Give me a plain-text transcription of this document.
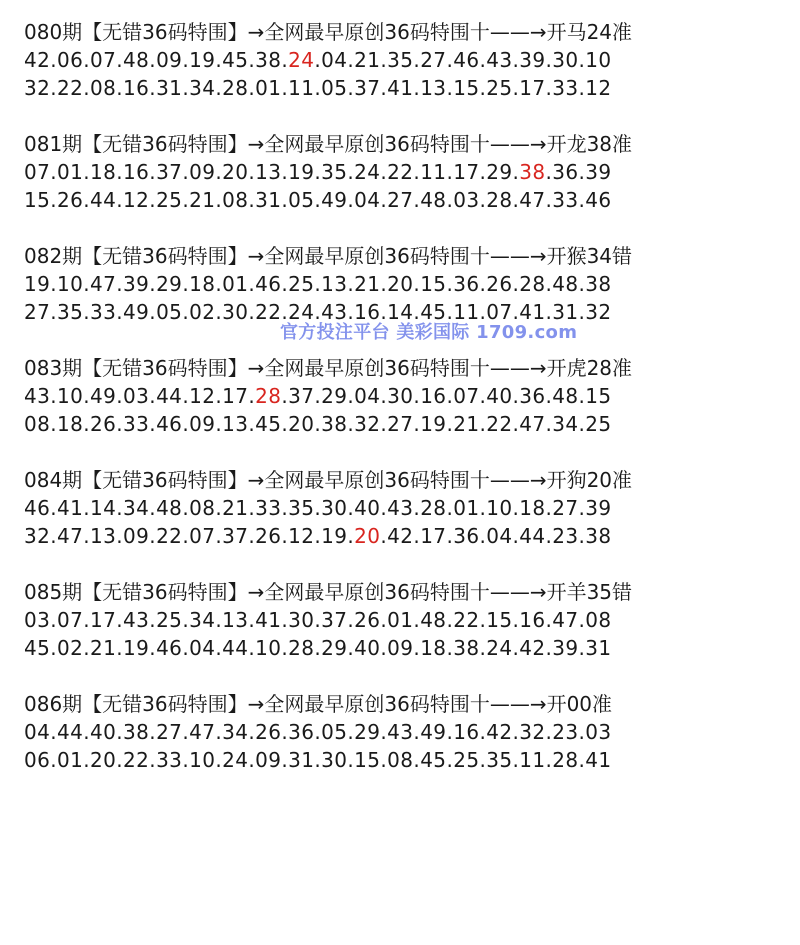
080期【无错36码特围】→全网最早原创36码特围十——→开马24准
42.06.07.48.09.19.45.38.24.04.21.35.27.46.43.39.30.10
32.22.08.16.31.34.28.01.11.05.37.41.13.15.25.17.33.12
081期【无错36码特围】→全网最早原创36码特围十——→开龙38准
07.01.18.16.37.09.20.13.19.35.24.22.11.17.29.38.36.39
15.26.44.12.25.21.08.31.05.49.04.27.48.03.28.47.33.46
082期【无错36码特围】→全网最早原创36码特围十——→开猴34错
19.10.47.39.29.18.01.46.25.13.21.20.15.36.26.28.48.38
27.35.33.49.05.02.30.22.24.43.16.14.45.11.07.41.31.32
083期【无错36码特围】→全网最早原创36码特围十——→开虎28准
43.10.49.03.44.12.17.28.37.29.04.30.16.07.40.36.48.15
08.18.26.33.46.09.13.45.20.38.32.27.19.21.22.47.34.25
084期【无错36码特围】→全网最早原创36码特围十——→开狗20准
46.41.14.34.48.08.21.33.35.30.40.43.28.01.10.18.27.39
32.47.13.09.22.07.37.26.12.19.20.42.17.36.04.44.23.38
085期【无错36码特围】→全网最早原创36码特围十——→开羊35错
03.07.17.43.25.34.13.41.30.37.26.01.48.22.15.16.47.08
45.02.21.19.46.04.44.10.28.29.40.09.18.38.24.42.39.31
086期【无错36码特围】→全网最早原创36码特围十——→开00准
04.44.40.38.27.47.34.26.36.05.29.43.49.16.42.32.23.03
06.01.20.22.33.10.24.09.31.30.15.08.45.25.35.11.28.41
官方投注平台 美彩国际 1709.com
